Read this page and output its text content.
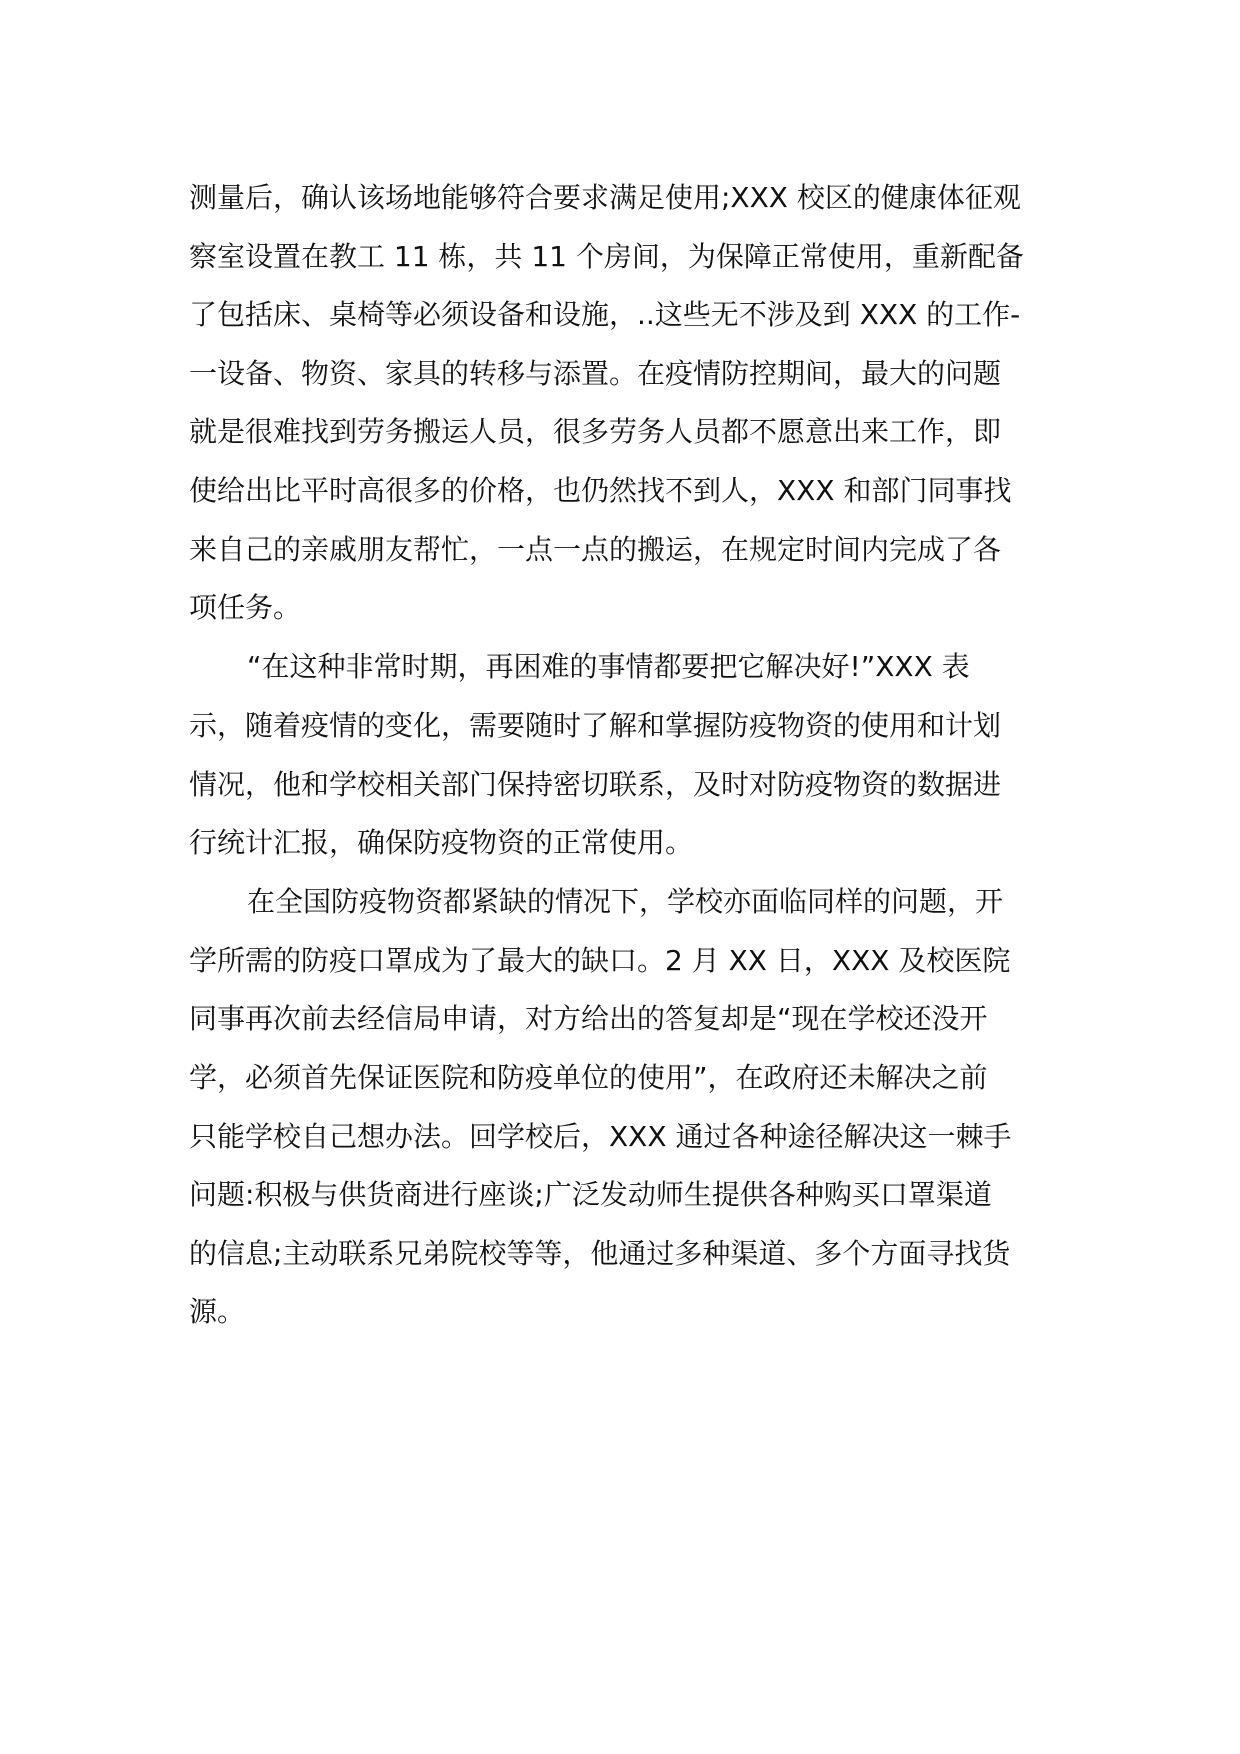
测量后，确认该场地能够符合要求满足使用;XXX 校区的健康体征观
察室设置在教工 11 栋，共 11 个房间，为保障正常使用，重新配备
了包括床、桌椅等必须设备和设施，..这些无不涉及到 XXX 的工作-
一设备、物资、家具的转移与添置。在疫情防控期间，最大的问题
就是很难找到劳务搬运人员，很多劳务人员都不愿意出来工作，即
使给出比平时高很多的价格，也仍然找不到人，XXX 和部门同事找
来自己的亲戚朋友帮忙，一点一点的搬运，在规定时间内完成了各
项任务。
“在这种非常时期，再困难的事情都要把它解决好!”XXX 表
示，随着疫情的变化，需要随时了解和掌握防疫物资的使用和计划
情况，他和学校相关部门保持密切联系，及时对防疫物资的数据进
行统计汇报，确保防疫物资的正常使用。
在全国防疫物资都紧缺的情况下，学校亦面临同样的问题，开
学所需的防疫口罩成为了最大的缺口。2 月 XX 日，XXX 及校医院
同事再次前去经信局申请，对方给出的答复却是“现在学校还没开
学，必须首先保证医院和防疫单位的使用”，在政府还未解决之前
只能学校自己想办法。回学校后，XXX 通过各种途径解决这一棘手
问题:积极与供货商进行座谈;广泛发动师生提供各种购买口罩渠道
的信息;主动联系兄弟院校等等，他通过多种渠道、多个方面寻找货
源。
